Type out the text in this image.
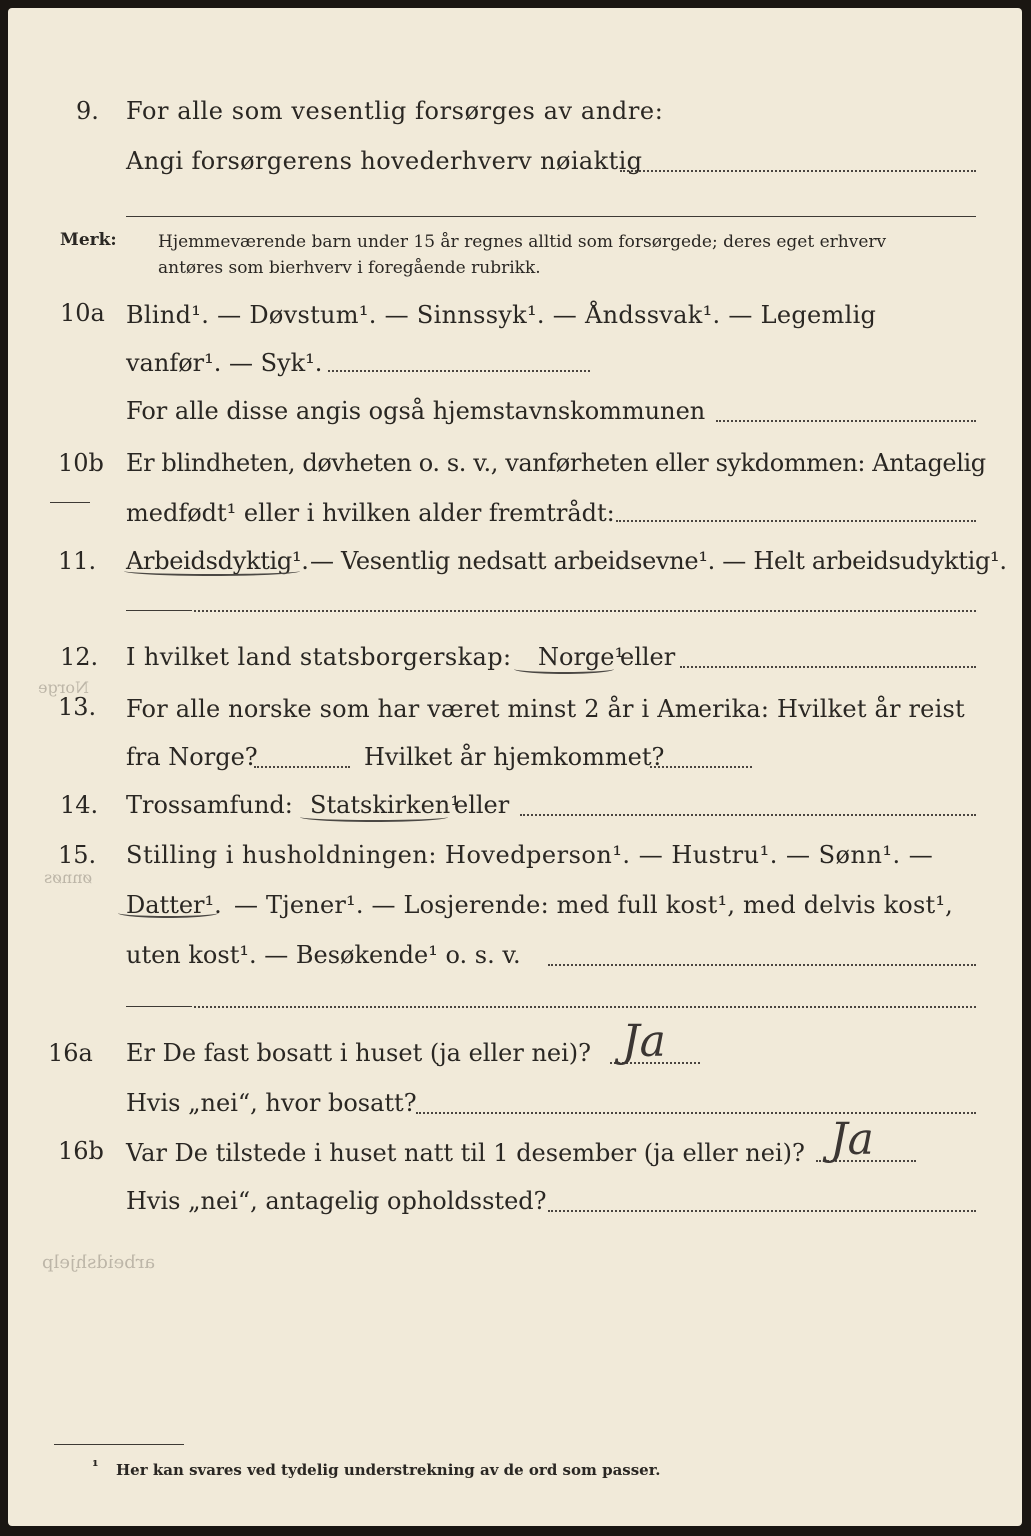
9. For alle som vesentlig forsørges av andre:
Angi forsørgerens hovederhverv nøiaktig
Merk: Hjemmeværende barn under 15 år regnes alltid som forsørgede; deres eget erhverv
antøres som bierhverv i foregående rubrikk.
10a Blind¹. — Døvstum¹. — Sinnssyk¹. — Åndssvak¹. — Legemlig
vanfør¹. — Syk¹.
For alle disse angis også hjemstavnskommunen
10b Er blindheten, døvheten o. s. v., vanførheten eller sykdommen: Antagelig
medfødt¹ eller i hvilken alder fremtrådt:
11. Arbeidsdyktig¹. — Vesentlig nedsatt arbeidsevne¹. — Helt arbeidsudyktig¹.
12. I hvilket land statsborgerskap: Norge¹
eller
Norge
13. For alle norske som har været minst 2 år i Amerika: Hvilket år reist
fra Norge?	Hvilket år hjemkommet?
14. Trossamfund: Statskirken¹
eller
15. Stilling i husholdningen: Hovedperson¹. — Hustru¹. — Sønn¹. —
ønnøs
Datter¹. — Tjener¹. — Losjerende: med full kost¹, med delvis kost¹,
uten kost¹. — Besøkende¹ o. s. v.
16a Er De fast bosatt i huset (ja eller nei)? Ja
Hvis „nei“, hvor bosatt?
16b Var De tilstede i huset natt til 1 desember (ja eller nei)? Ja
Hvis „nei“, antagelig opholdssted?
arbeidshjelp
¹ Her kan svares ved tydelig understrekning av de ord som passer.
